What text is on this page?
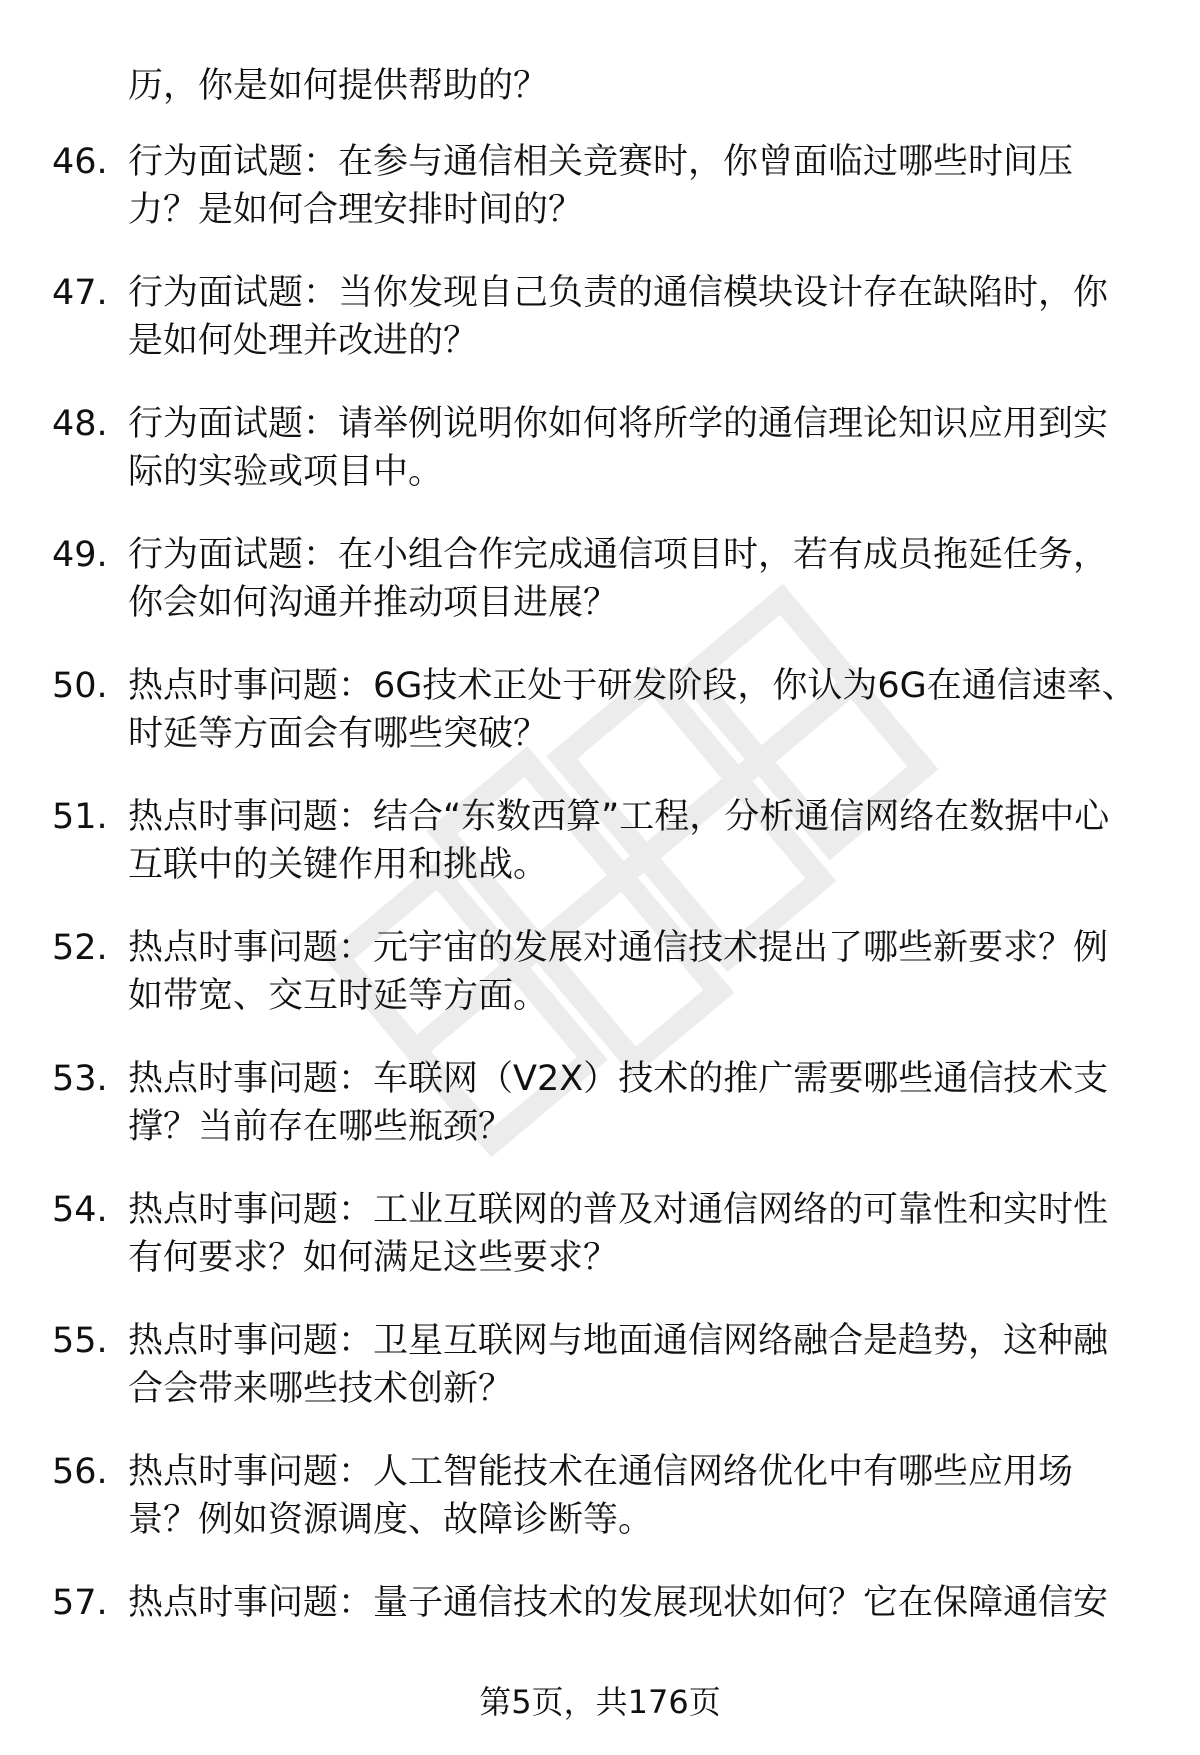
历，你是如何提供帮助的？
46. 行为面试题：在参与通信相关竞赛时，你曾面临过哪些时间压力？是如何合理安排时间的？
47. 行为面试题：当你发现自己负责的通信模块设计存在缺陷时，你是如何处理并改进的？
48. 行为面试题：请举例说明你如何将所学的通信理论知识应用到实际的实验或项目中。
49. 行为面试题：在小组合作完成通信项目时，若有成员拖延任务，你会如何沟通并推动项目进展？
50. 热点时事问题：6G技术正处于研发阶段，你认为6G在通信速率、时延等方面会有哪些突破？
51. 热点时事问题：结合“东数西算”工程，分析通信网络在数据中心互联中的关键作用和挑战。
52. 热点时事问题：元宇宙的发展对通信技术提出了哪些新要求？例如带宽、交互时延等方面。
53. 热点时事问题：车联网（V2X）技术的推广需要哪些通信技术支撑？当前存在哪些瓶颈？
54. 热点时事问题：工业互联网的普及对通信网络的可靠性和实时性有何要求？如何满足这些要求？
55. 热点时事问题：卫星互联网与地面通信网络融合是趋势，这种融合会带来哪些技术创新？
56. 热点时事问题：人工智能技术在通信网络优化中有哪些应用场景？例如资源调度、故障诊断等。
57. 热点时事问题：量子通信技术的发展现状如何？它在保障通信安
第5页，共176页
